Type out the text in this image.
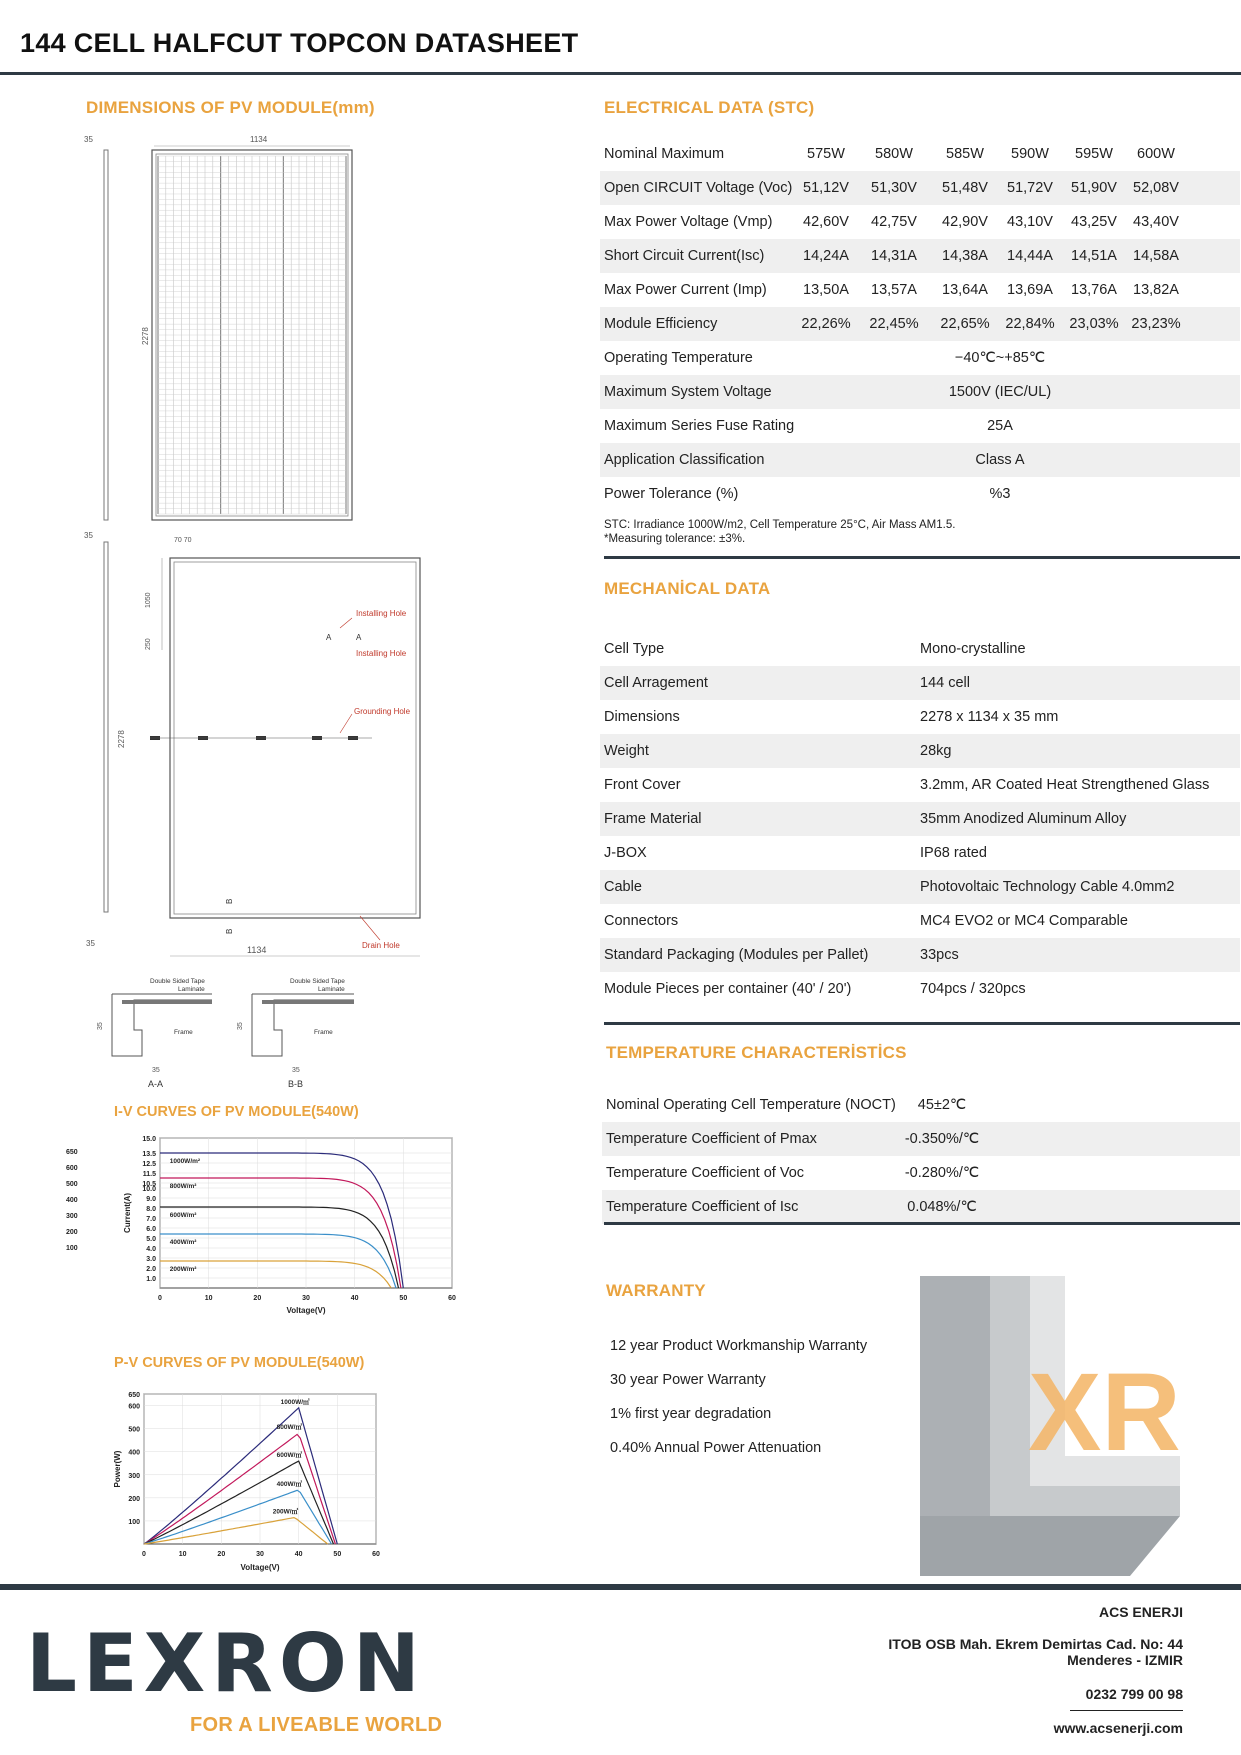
144 CELL HALFCUT TOPCON DATASHEET
DIMENSIONS OF PV MODULE(mm)
35	1134
2278
35
70 70
1050
250
2278
Installing Hole
Installing Hole
Grounding Hole
Drain Hole
A	A
B
B
35
1134
Double Sided Tape
Laminate
Frame
35
35
A-A
Double Sided Tape
Laminate
Frame
35
35
B-B
I-V CURVES OF PV MODULE(540W)
1.0
2.0
3.0
4.0
5.0
6.0
7.0
8.0
9.0
10.0
10.5
11.5
12.5
13.5
15.0
0	10	20	30	40	50	60
650
600
500
400
300
200
100
Voltage(V)
Current(A)
1000W/m²
800W/m²
600W/m²
400W/m²
200W/m²
P-V CURVES OF PV MODULE(540W)
100
200
300
400
500
600
650
0	10	20	30	40	50	60
Voltage(V)
Power(W)
1000W/㎡
800W/㎡
600W/㎡
400W/㎡
200W/㎡
ELECTRICAL DATA (STC)
Nominal Maximum	575W	580W	585W	590W	595W	600W
Open CIRCUIT Voltage (Voc) 51,12V	51,30V	51,48V	51,72V	51,90V	52,08V
Max Power Voltage (Vmp)	42,60V	42,75V	42,90V	43,10V	43,25V	43,40V
Short Circuit Current(Isc)	14,24A	14,31A	14,38A	14,44A	14,51A	14,58A
Max Power Current (Imp)	13,50A	13,57A	13,64A	13,69A	13,76A	13,82A
Module Efficiency	22,26%	22,45%	22,65%	22,84%	23,03% 23,23%
Operating Temperature	−40℃~+85℃
Maximum System Voltage	1500V (IEC/UL)
Maximum Series Fuse Rating	25A
Application Classification	Class A
Power Tolerance (%)	%3
STC: Irradiance 1000W/m2, Cell Temperature 25°C, Air Mass AM1.5.
*Measuring tolerance: ±3%.
MECHANİCAL DATA
Cell Type	Mono-crystalline
Cell Arragement	144 cell
Dimensions	2278 x 1134 x 35 mm
Weight	28kg
Front Cover	3.2mm, AR Coated Heat Strengthened Glass
Frame Material	35mm Anodized Aluminum Alloy
J-BOX	IP68 rated
Cable	Photovoltaic Technology Cable 4.0mm2
Connectors	MC4 EVO2 or MC4 Comparable
Standard Packaging (Modules per Pallet)	33pcs
Module Pieces per container (40' / 20')	704pcs / 320pcs
TEMPERATURE CHARACTERİSTİCS
Nominal Operating Cell Temperature (NOCT)	45±2℃
Temperature Coefficient of Pmax	-0.350%/℃
Temperature Coefficient of Voc	-0.280%/℃
Temperature Coefficient of Isc	0.048%/℃
WARRANTY
12 year Product Workmanship Warranty
30 year Power Warranty
1% first year degradation
0.40% Annual Power Attenuation XR
LEXRON
FOR A LIVEABLE WORLD
ACS ENERJI
ITOB OSB Mah. Ekrem Demirtas Cad. No: 44
Menderes - IZMIR
0232 799 00 98
www.acsenerji.com
